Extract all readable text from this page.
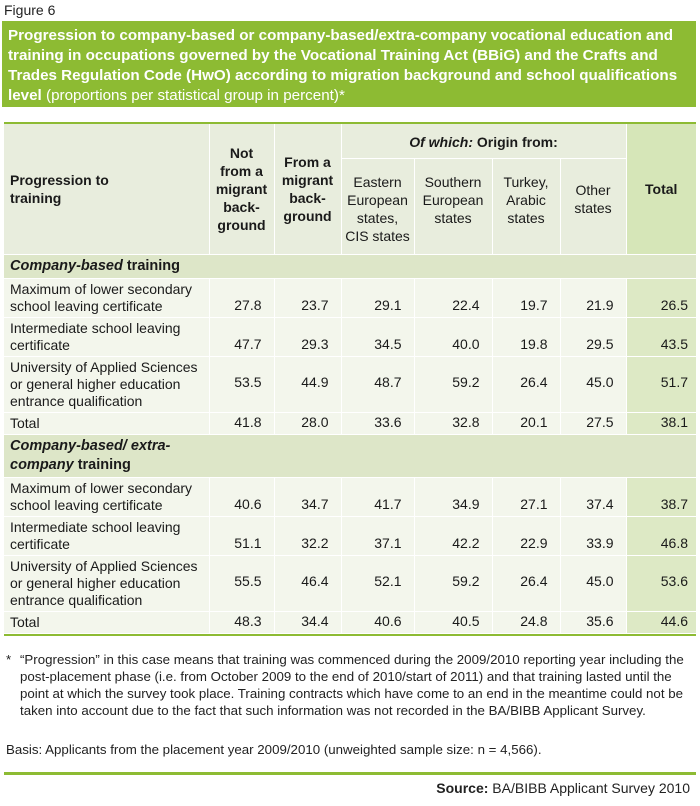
Figure 6
Progression to company-based or company-based/extra-company vocational education and training in occupations governed by the Vocational Training Act (BBiG) and the Crafts and Trades Regulation Code (HwO) according to migration background and school qualifications level (proportions per statistical group in percent)*
Progression to training	Not from a migrant back-ground	From a migrant back-ground	Of which: Origin from:				Total

			Eastern European states, CIS states	Southern European states	Turkey, Arabic states	Other states	

Company-based training							
Maximum of lower secondary school leaving certificate	27.8	23.7	29.1	22.4	19.7	21.9	26.5
Intermediate school leaving certificate	47.7	29.3	34.5	40.0	19.8	29.5	43.5
University of Applied Sciences or general higher education entrance qualification	53.5	44.9	48.7	59.2	26.4	45.0	51.7
Total	41.8	28.0	33.6	32.8	20.1	27.5	38.1

Company-based/ extra-company training							

Maximum of lower secondary school leaving certificate	40.6	34.7	41.7	34.9	27.1	37.4	38.7
Intermediate school leaving certificate	51.1	32.2	37.1	42.2	22.9	33.9	46.8
University of Applied Sciences or general higher education entrance qualification	55.5	46.4	52.1	59.2	26.4	45.0	53.6
Total	48.3	34.4	40.6	40.5	24.8	35.6	44.6
* “Progression” in this case means that training was commenced during the 2009/2010 reporting year including the post-placement phase (i.e. from October 2009 to the end of 2010/start of 2011) and that training lasted until the point at which the survey took place. Training contracts which have come to an end in the meantime could not be taken into account due to the fact that such information was not recorded in the BA/BIBB Applicant Survey.
Basis: Applicants from the placement year 2009/2010 (unweighted sample size: n = 4,566).
Source: BA/BIBB Applicant Survey 2010
